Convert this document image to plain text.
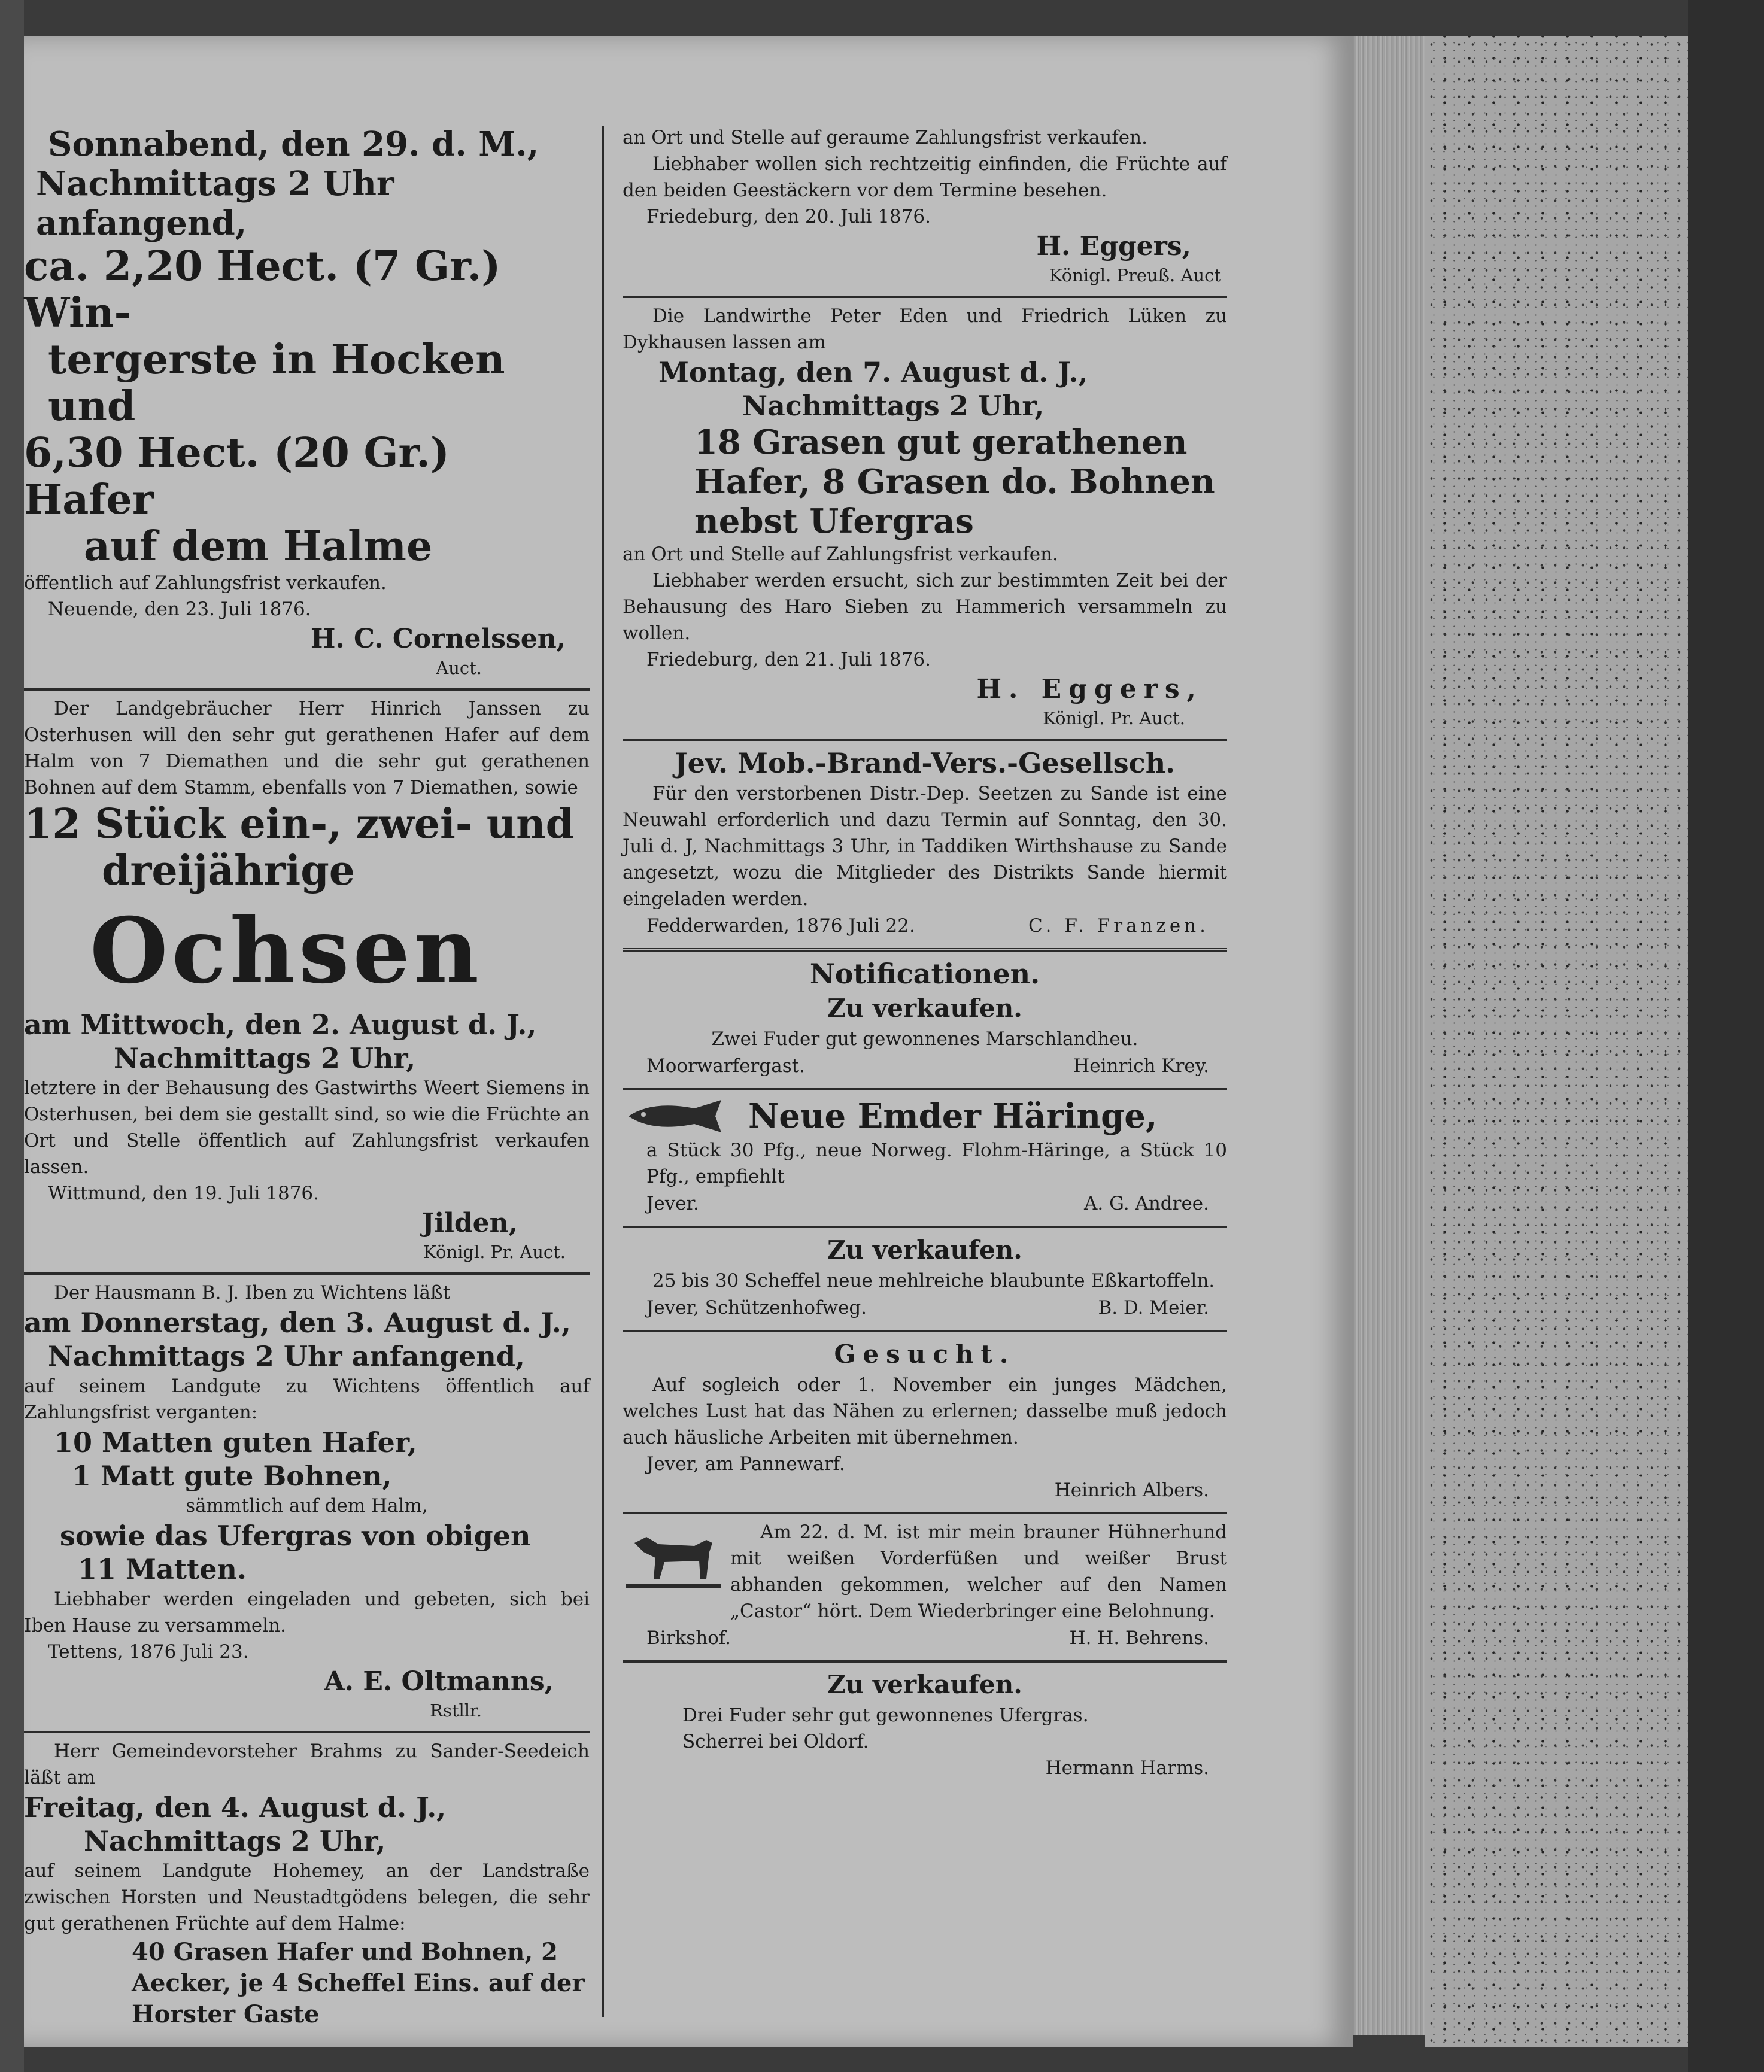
Sonnabend, den 29. d. M.,

Nachmittags 2 Uhr anfangend,

ca. 2,20 Hect. (7 Gr.) Win-

tergerste in Hocken und

6,30 Hect. (20 Gr.) Hafer

auf dem Halme

öffentlich auf Zahlungsfrist verkaufen.

Neuende, den 23. Juli 1876.

H. C. Cornelssen,

Auct.

Der Landgebräucher Herr Hinrich Janssen zu Osterhusen will den sehr gut gerathenen Hafer auf dem Halm von 7 Diemathen und die sehr gut gerathenen Bohnen auf dem Stamm, ebenfalls von 7 Diemathen, sowie

12 Stück ein-, zwei- und

dreijährige

Ochsen

am Mittwoch, den 2. August d. J.,

Nachmittags 2 Uhr,

letztere in der Behausung des Gastwirths Weert Siemens in Osterhusen, bei dem sie gestallt sind, so wie die Früchte an Ort und Stelle öffentlich auf Zahlungsfrist verkaufen lassen.

Wittmund, den 19. Juli 1876.

Jilden,

Königl. Pr. Auct.

Der Hausmann B. J. Iben zu Wichtens läßt

am Donnerstag, den 3. August d. J.,

Nachmittags 2 Uhr anfangend,

auf seinem Landgute zu Wichtens öffentlich auf Zahlungsfrist verganten:

10 Matten guten Hafer,

1 Matt gute Bohnen,

sämmtlich auf dem Halm,

sowie das Ufergras von obigen

11 Matten.

Liebhaber werden eingeladen und gebeten, sich bei Iben Hause zu versammeln.

Tettens, 1876 Juli 23.

A. E. Oltmanns,

Rstllr.

Herr Gemeindevorsteher Brahms zu Sander-Seedeich läßt am

Freitag, den 4. August d. J.,

Nachmittags 2 Uhr,

auf seinem Landgute Hohemey, an der Landstraße zwischen Horsten und Neustadtgödens belegen, die sehr gut gerathenen Früchte auf dem Halme:

40 Grasen Hafer und Bohnen, 2 Aecker, je 4 Scheffel Eins. auf der Horster Gaste

an Ort und Stelle auf geraume Zahlungsfrist verkaufen.

Liebhaber wollen sich rechtzeitig einfinden, die Früchte auf den beiden Geestäckern vor dem Termine besehen.

Friedeburg, den 20. Juli 1876.

H. Eggers,

Königl. Preuß. Auct

Die Landwirthe Peter Eden und Friedrich Lüken zu Dykhausen lassen am

Montag, den 7. August d. J.,

Nachmittags 2 Uhr,

18 Grasen gut gerathenen Hafer, 8 Grasen do. Bohnen nebst Ufergras

an Ort und Stelle auf Zahlungsfrist verkaufen.

Liebhaber werden ersucht, sich zur bestimmten Zeit bei der Behausung des Haro Sieben zu Hammerich versammeln zu wollen.

Friedeburg, den 21. Juli 1876.

H. Eggers,

Königl. Pr. Auct.

Jev. Mob.-Brand-Vers.-Gesellsch.

Für den verstorbenen Distr.-Dep. Seetzen zu Sande ist eine Neuwahl erforderlich und dazu Termin auf Sonntag, den 30. Juli d. J, Nachmittags 3 Uhr, in Taddiken Wirthshause zu Sande angesetzt, wozu die Mitglieder des Distrikts Sande hiermit eingeladen werden.

Fedderwarden, 1876 Juli 22.	C. F. Franzen.

Notificationen.

Zu verkaufen.

Zwei Fuder gut gewonnenes Marschlandheu.

Moorwarfergast.	Heinrich Krey.

Neue Emder Häringe,

a Stück 30 Pfg., neue Norweg. Flohm-Häringe, a Stück 10 Pfg., empfiehlt

Jever.	A. G. Andree.

Zu verkaufen.

25 bis 30 Scheffel neue mehlreiche blaubunte Eßkartoffeln.

Jever, Schützenhofweg.	B. D. Meier.

Gesucht.

Auf sogleich oder 1. November ein junges Mädchen, welches Lust hat das Nähen zu erlernen; dasselbe muß jedoch auch häusliche Arbeiten mit übernehmen.

Jever, am Pannewarf.

Heinrich Albers.

Am 22. d. M. ist mir mein brauner Hühnerhund mit weißen Vorderfüßen und weißer Brust abhanden gekommen, welcher auf den Namen „Castor“ hört. Dem Wiederbringer eine Belohnung.

Birkshof.	H. H. Behrens.

Zu verkaufen.

Drei Fuder sehr gut gewonnenes Ufergras.

Scherrei bei Oldorf.

Hermann Harms.
